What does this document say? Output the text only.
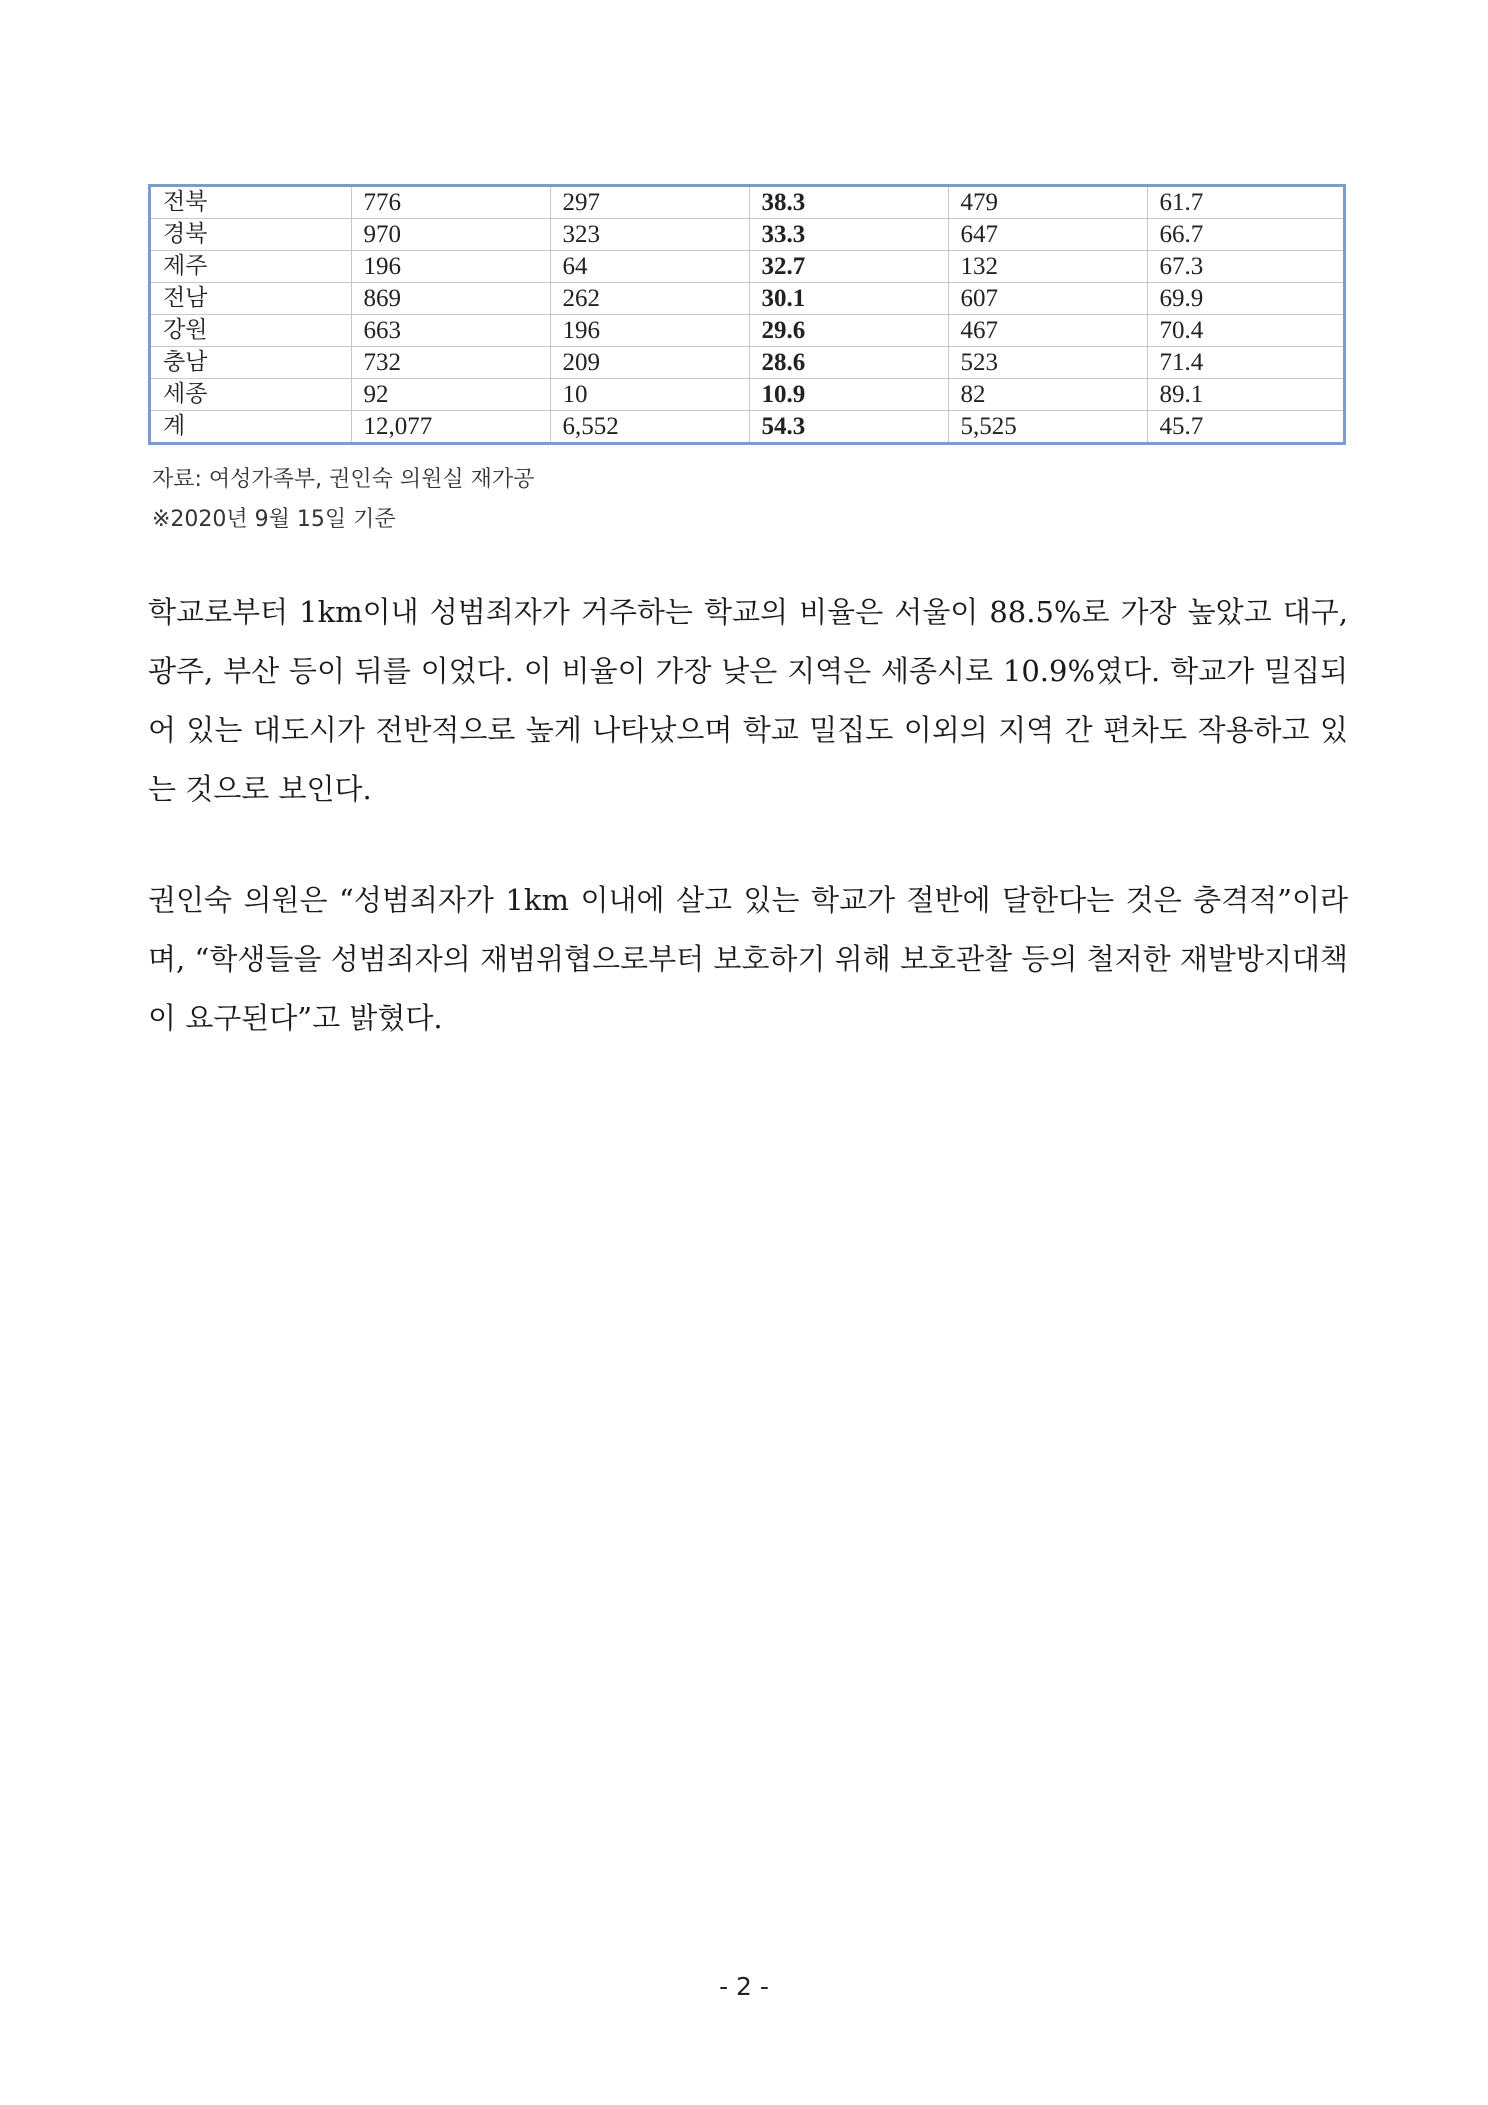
전북	776	297	38.3	479	61.7
경북	970	323	33.3	647	66.7
제주	196	64	32.7	132	67.3
전남	869	262	30.1	607	69.9
강원	663	196	29.6	467	70.4
충남	732	209	28.6	523	71.4
세종	92	10	10.9	82	89.1
계	12,077	6,552	54.3	5,525	45.7
자료: 여성가족부, 권인숙 의원실 재가공
※2020년 9월 15일 기준

학교로부터 1km이내 성범죄자가 거주하는 학교의 비율은 서울이 88.5%로 가장 높았고 대구, 광주, 부산 등이 뒤를 이었다. 이 비율이 가장 낮은 지역은 세종시로 10.9%였다. 학교가 밀집되어 있는 대도시가 전반적으로 높게 나타났으며 학교 밀집도 이외의 지역 간 편차도 작용하고 있는 것으로 보인다.

권인숙 의원은 “성범죄자가 1km 이내에 살고 있는 학교가 절반에 달한다는 것은 충격적”이라며, “학생들을 성범죄자의 재범위협으로부터 보호하기 위해 보호관찰 등의 철저한 재발방지대책이 요구된다”고 밝혔다.

- 2 -
